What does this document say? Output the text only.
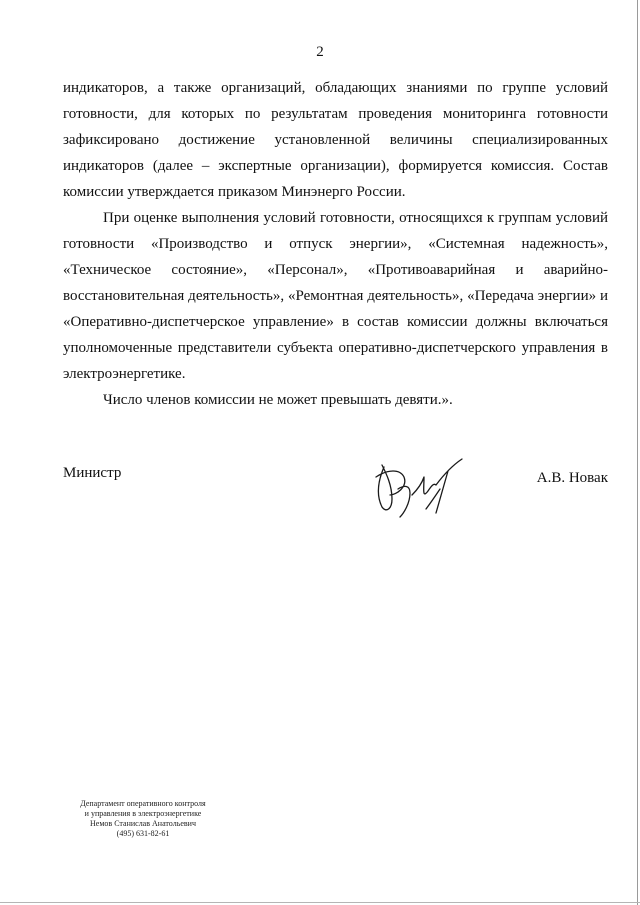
2

индикаторов, а также организаций, обладающих знаниями по группе условий готовности, для которых по результатам проведения мониторинга готовности зафиксировано достижение установленной величины специализированных индикаторов (далее – экспертные организации), формируется комиссия. Состав комиссии утверждается приказом Минэнерго России.

При оценке выполнения условий готовности, относящихся к группам условий готовности «Производство и отпуск энергии», «Системная надежность», «Техническое состояние», «Персонал», «Противоаварийная и аварийно-восстановительная деятельность», «Ремонтная деятельность», «Передача энергии» и «Оперативно-диспетчерское управление» в состав комиссии должны включаться уполномоченные представители субъекта оперативно-диспетчерского управления в электроэнергетике.

Число членов комиссии не может превышать девяти.».

Министр	А.В. Новак
Департамент оперативного контроля
и управления в электроэнергетике
Немов Станислав Анатольевич
(495) 631-82-61
